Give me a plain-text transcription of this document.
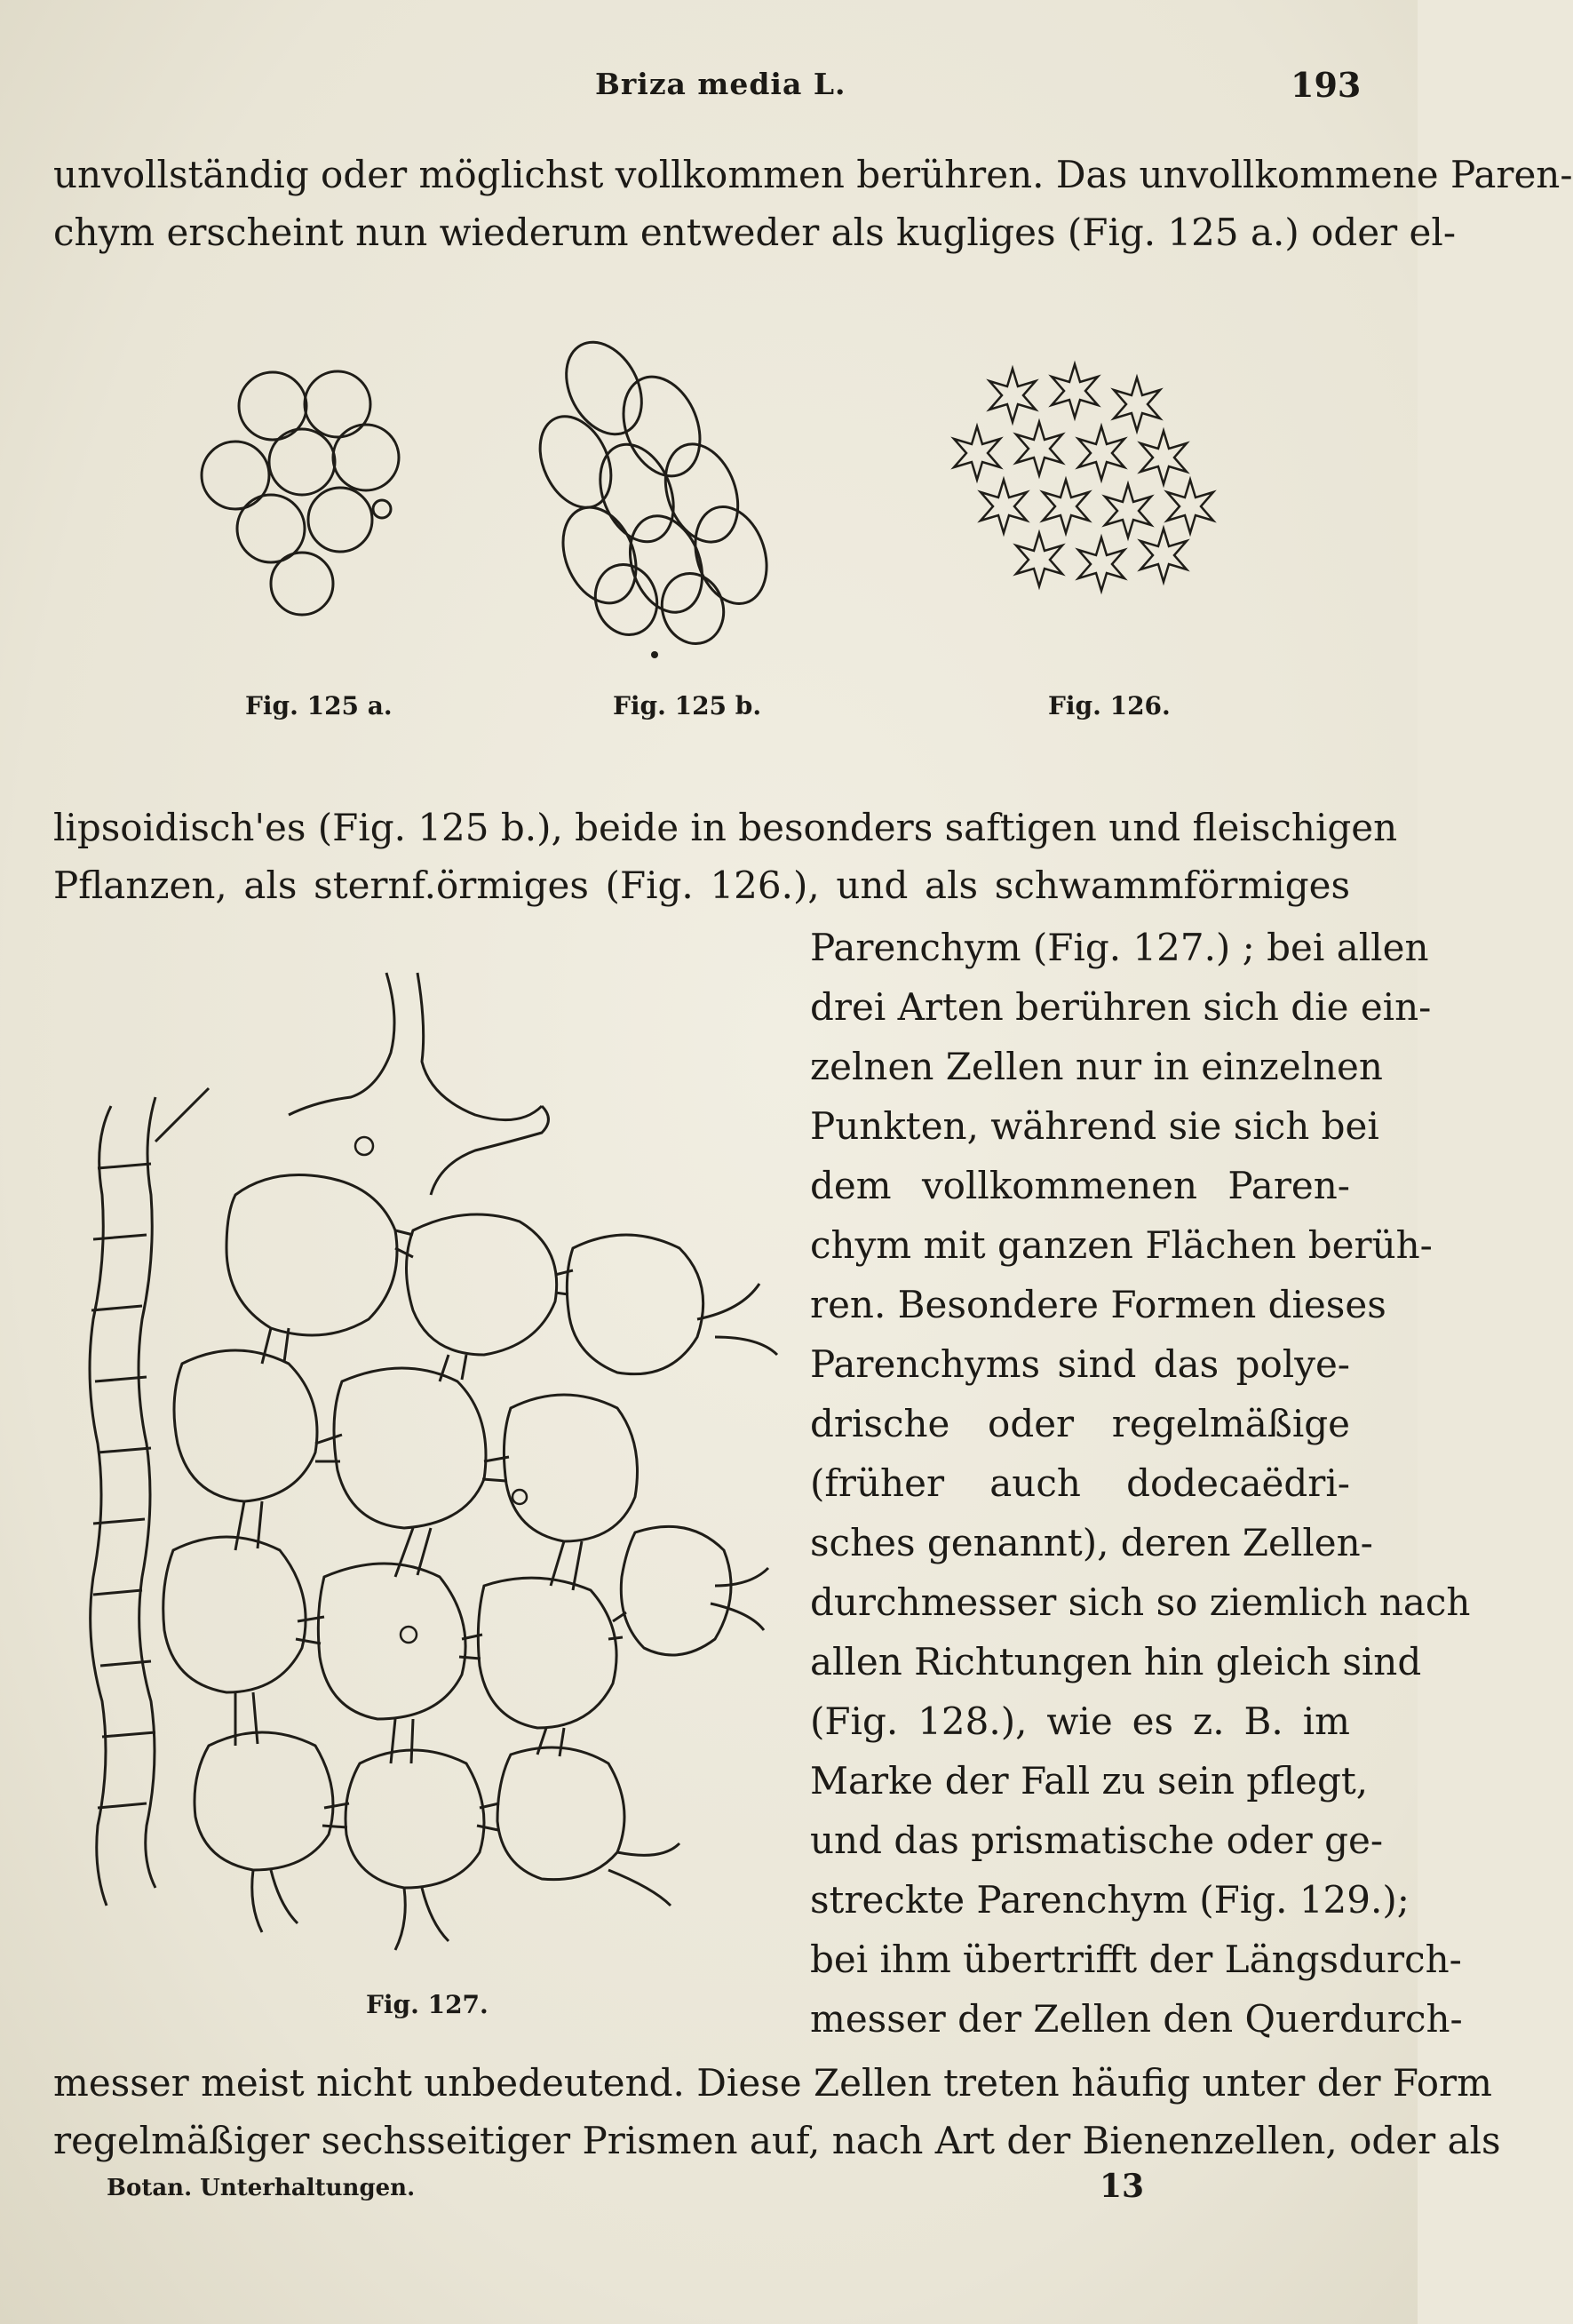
Briza media L.	193
unvollständig oder möglichst vollkommen berühren. Das unvollkommene Paren-
chym erscheint nun wiederum entweder als kugliges (Fig. 125 a.) oder el-
Fig. 125 a.	Fig. 125 b.	Fig. 126.
lipsoidisch'es (Fig. 125 b.), beide in besonders saftigen und fleischigen
Pflanzen, als sternf.örmiges (Fig. 126.), und als schwammförmiges
Parenchym (Fig. 127.) ; bei allen
drei Arten berühren sich die ein-
zelnen Zellen nur in einzelnen
Punkten, während sie sich bei
dem vollkommenen Paren-
chym mit ganzen Flächen berüh-
ren. Besondere Formen dieses
Parenchyms sind das polye-
drische oder regelmäßige
(früher auch dodecaëdri-
sches genannt), deren Zellen-
durchmesser sich so ziemlich nach
allen Richtungen hin gleich sind
(Fig. 128.), wie es z. B. im
Marke der Fall zu sein pflegt,
und das prismatische oder ge-
streckte Parenchym (Fig. 129.);
bei ihm übertrifft der Längsdurch-
messer der Zellen den Querdurch-
Fig. 127.
messer meist nicht unbedeutend. Diese Zellen treten häufig unter der Form
regelmäßiger sechsseitiger Prismen auf, nach Art der Bienenzellen, oder als
Botan. Unterhaltungen.	13
